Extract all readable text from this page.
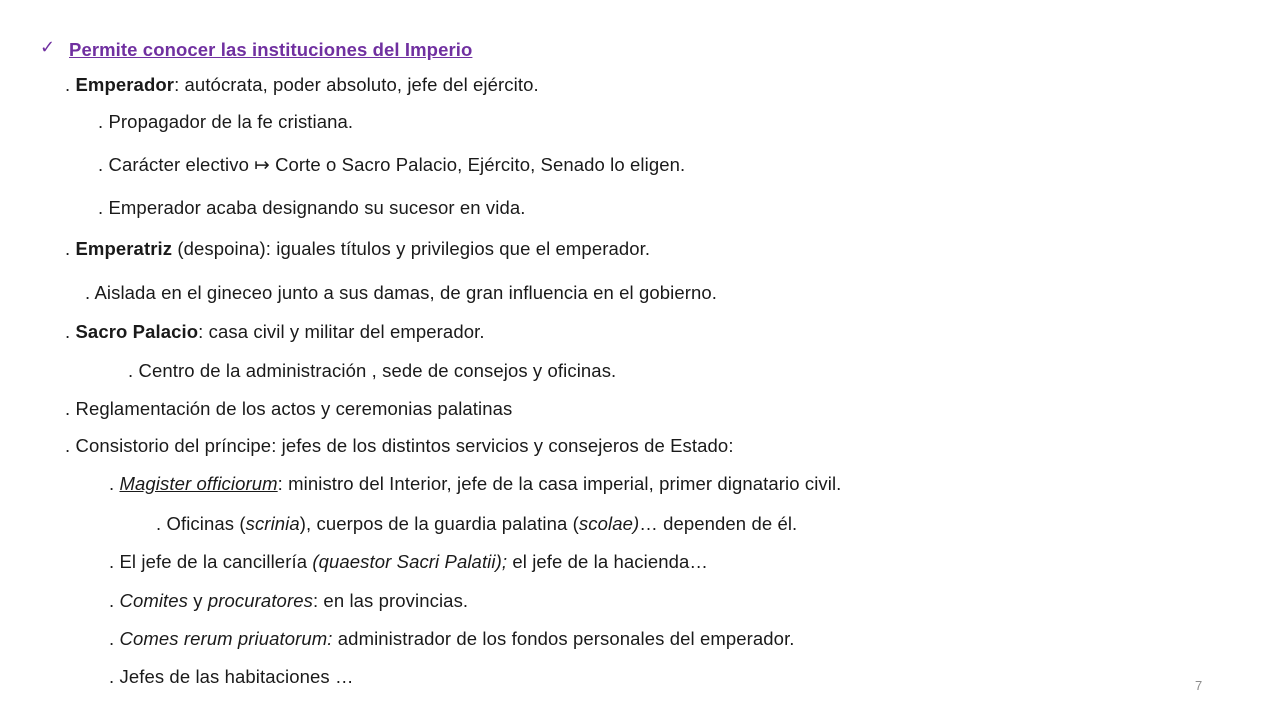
✓ Permite conocer las instituciones del Imperio
. Emperador: autócrata, poder absoluto, jefe del ejército.
. Propagador de la fe cristiana.
. Carácter electivo ↦ Corte o Sacro Palacio, Ejército, Senado lo eligen.
. Emperador acaba designando su sucesor en vida.
. Emperatriz (despoina): iguales títulos y privilegios que el emperador.
. Aislada en el gineceo junto a sus damas, de gran influencia en el gobierno.
. Sacro Palacio: casa civil y militar del emperador.
. Centro de la administración , sede de consejos y oficinas.
. Reglamentación de los actos y ceremonias palatinas
. Consistorio del príncipe: jefes de los distintos servicios y consejeros de Estado:
. Magister officiorum: ministro del Interior, jefe de la casa imperial, primer dignatario civil.
. Oficinas (scrinia), cuerpos de la guardia palatina (scolae)… dependen de él.
. El jefe de la cancillería (quaestor Sacri Palatii); el jefe de la hacienda…
. Comites y procuratores: en las provincias.
. Comes rerum priuatorum: administrador de los fondos personales del emperador.
. Jefes de las habitaciones …	7
